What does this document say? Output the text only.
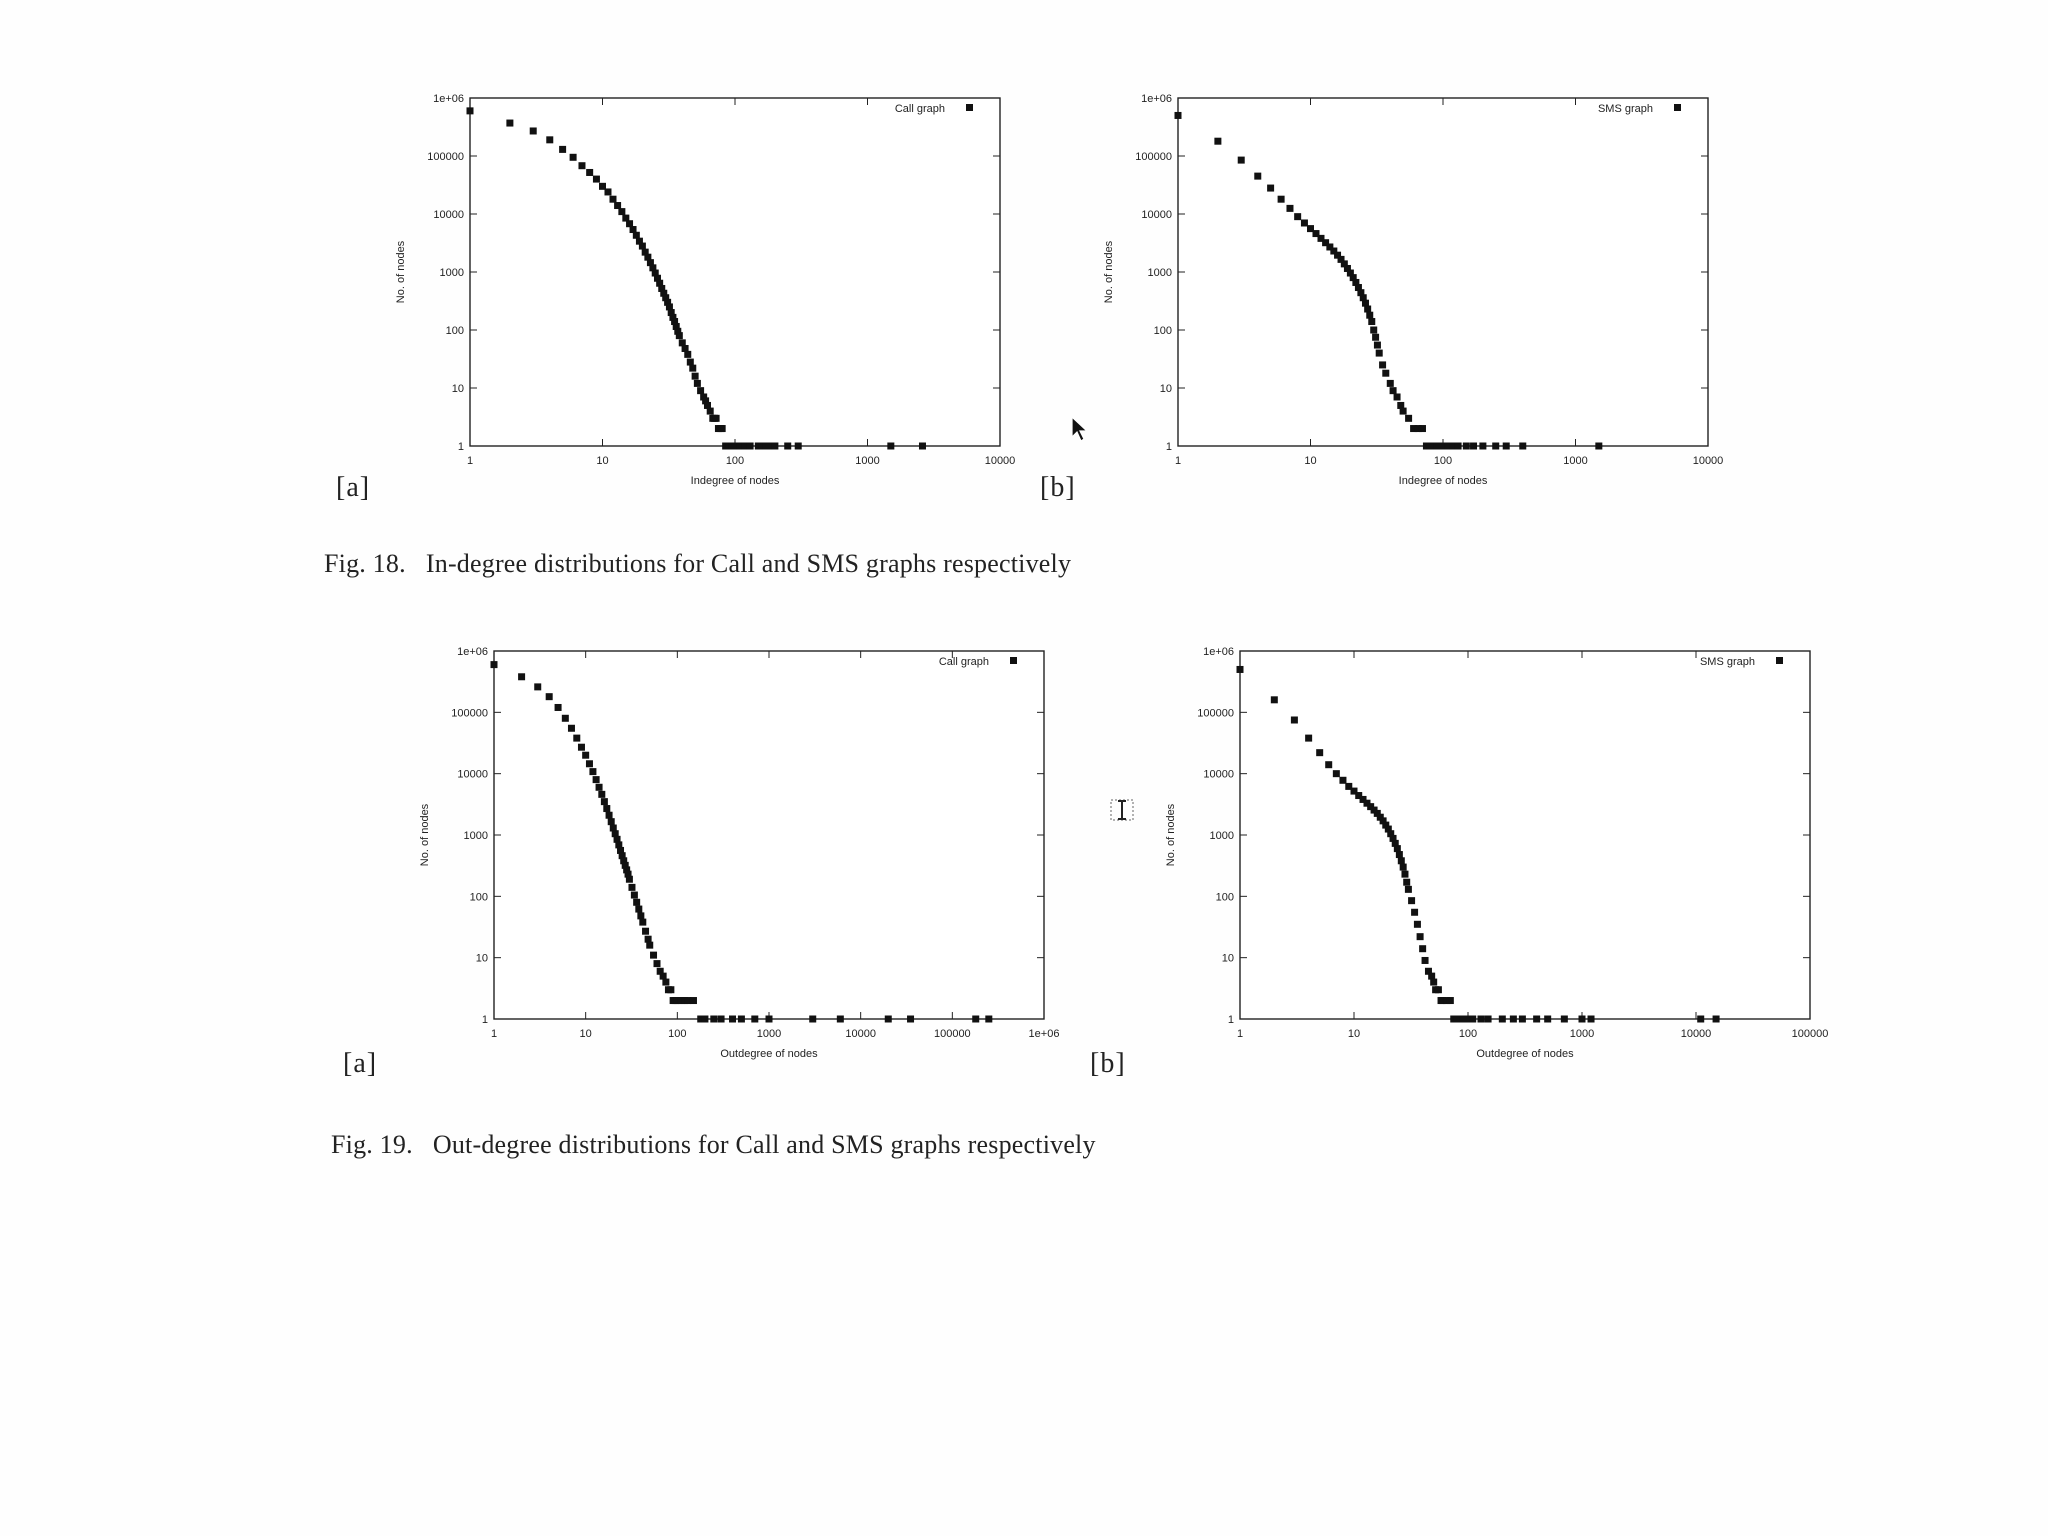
1
10
100
1000
10000
100000
1e+06
1	10	100	1000	10000
Indegree of nodes
No. of nodes
Call graph
[a]
1
10
100
1000
10000
100000
1e+06
1	10	100	1000	10000
Indegree of nodes
No. of nodes
SMS graph
[b]
Fig. 18.   In-degree distributions for Call and SMS graphs respectively
1
10
100
1000
10000
100000
1e+06
1	10	100	1000	10000	100000	1e+06
Outdegree of nodes
No. of nodes
Call graph
[a]
1
10
100
1000
10000
100000
1e+06
1	10	100	1000	10000	100000
Outdegree of nodes
No. of nodes
SMS graph
[b]
Fig. 19.   Out-degree distributions for Call and SMS graphs respectively
